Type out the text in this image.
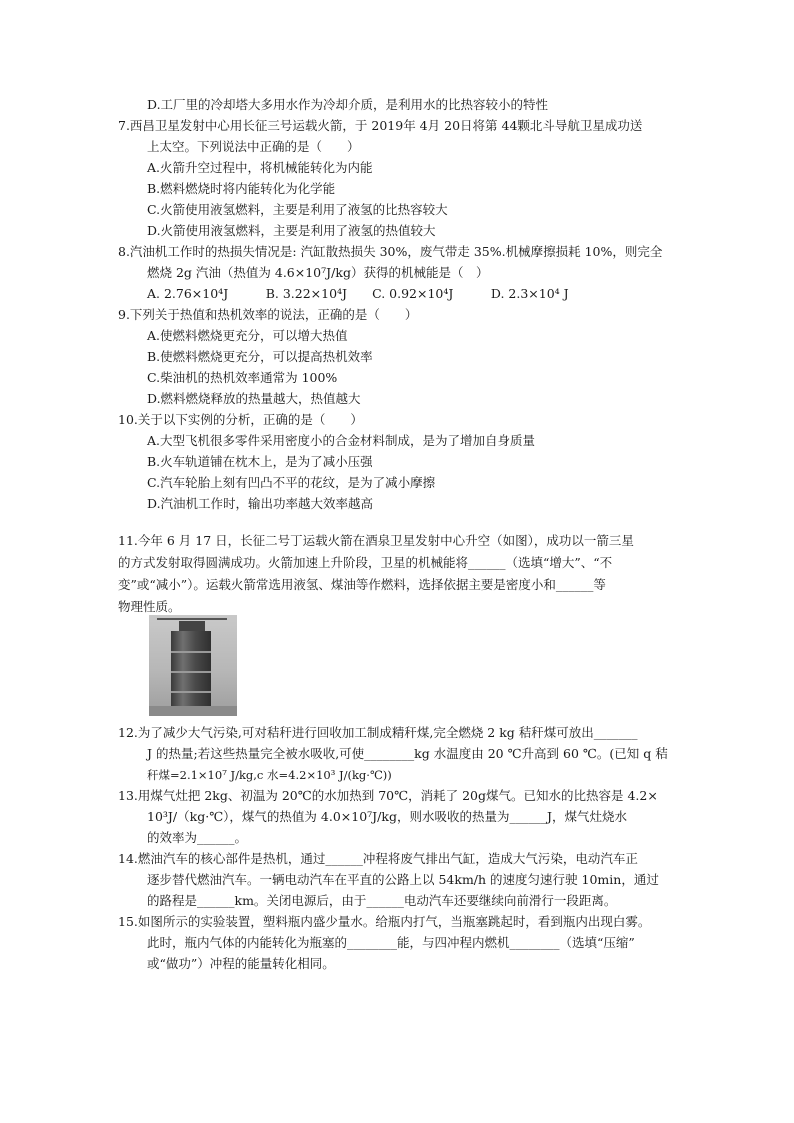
D.工厂里的冷却塔大多用水作为冷却介质，是利用水的比热容较小的特性
7.西昌卫星发射中心用长征三号运载火箭，于 2019年 4月 20日将第 44颗北斗导航卫星成功送
上太空。下列说法中正确的是（　　）
A.火箭升空过程中，将机械能转化为内能
B.燃料燃烧时将内能转化为化学能
C.火箭使用液氢燃料，主要是利用了液氢的比热容较大
D.火箭使用液氢燃料，主要是利用了液氢的热值较大
8.汽油机工作时的热损失情况是: 汽缸散热损失 30%，废气带走 35%.机械摩擦损耗 10%，则完全
燃烧 2g 汽油（热值为 4.6×10⁷J/kg）获得的机械能是（　）
A. 2.76×10⁴J　　　B. 3.22×10⁴J　　C. 0.92×10⁴J　　　D. 2.3×10⁴ J
9.下列关于热值和热机效率的说法，正确的是（　　）
A.使燃料燃烧更充分，可以增大热值
B.使燃料燃烧更充分，可以提高热机效率
C.柴油机的热机效率通常为 100%
D.燃料燃烧释放的热量越大，热值越大
10.关于以下实例的分析，正确的是（　　）
A.大型飞机很多零件采用密度小的合金材料制成，是为了增加自身质量
B.火车轨道铺在枕木上，是为了减小压强
C.汽车轮胎上刻有凹凸不平的花纹，是为了减小摩擦
D.汽油机工作时，输出功率越大效率越高
11.今年 6 月 17 日，长征二号丁运载火箭在酒泉卫星发射中心升空（如图），成功以一箭三星
的方式发射取得圆满成功。火箭加速上升阶段，卫星的机械能将______（选填“增大”、“不
变”或“减小”）。运载火箭常选用液氢、煤油等作燃料，选择依据主要是密度小和______等
物理性质。
12.为了减少大气污染,可对秸秆进行回收加工制成精秆煤,完全燃烧 2 kg 秸秆煤可放出_______
J 的热量;若这些热量完全被水吸收,可使________kg 水温度由 20 ℃升高到 60 ℃。(已知 q 秸
秆煤=2.1×10⁷ J/kg,c 水=4.2×10³ J/(kg·℃))
13.用煤气灶把 2kg、初温为 20℃的水加热到 70℃，消耗了 20g煤气。已知水的比热容是 4.2×
10³J/（kg·℃），煤气的热值为 4.0×10⁷J/kg，则水吸收的热量为______J，煤气灶烧水
的效率为______。
14.燃油汽车的核心部件是热机，通过______冲程将废气排出气缸，造成大气污染，电动汽车正
逐步替代燃油汽车。一辆电动汽车在平直的公路上以 54km/h 的速度匀速行驶 10min，通过
的路程是______km。关闭电源后，由于______电动汽车还要继续向前滑行一段距离。
15.如图所示的实验装置，塑料瓶内盛少量水。给瓶内打气，当瓶塞跳起时，看到瓶内出现白雾。
此时，瓶内气体的内能转化为瓶塞的________能，与四冲程内燃机________（选填“压缩”
或“做功”）冲程的能量转化相同。
